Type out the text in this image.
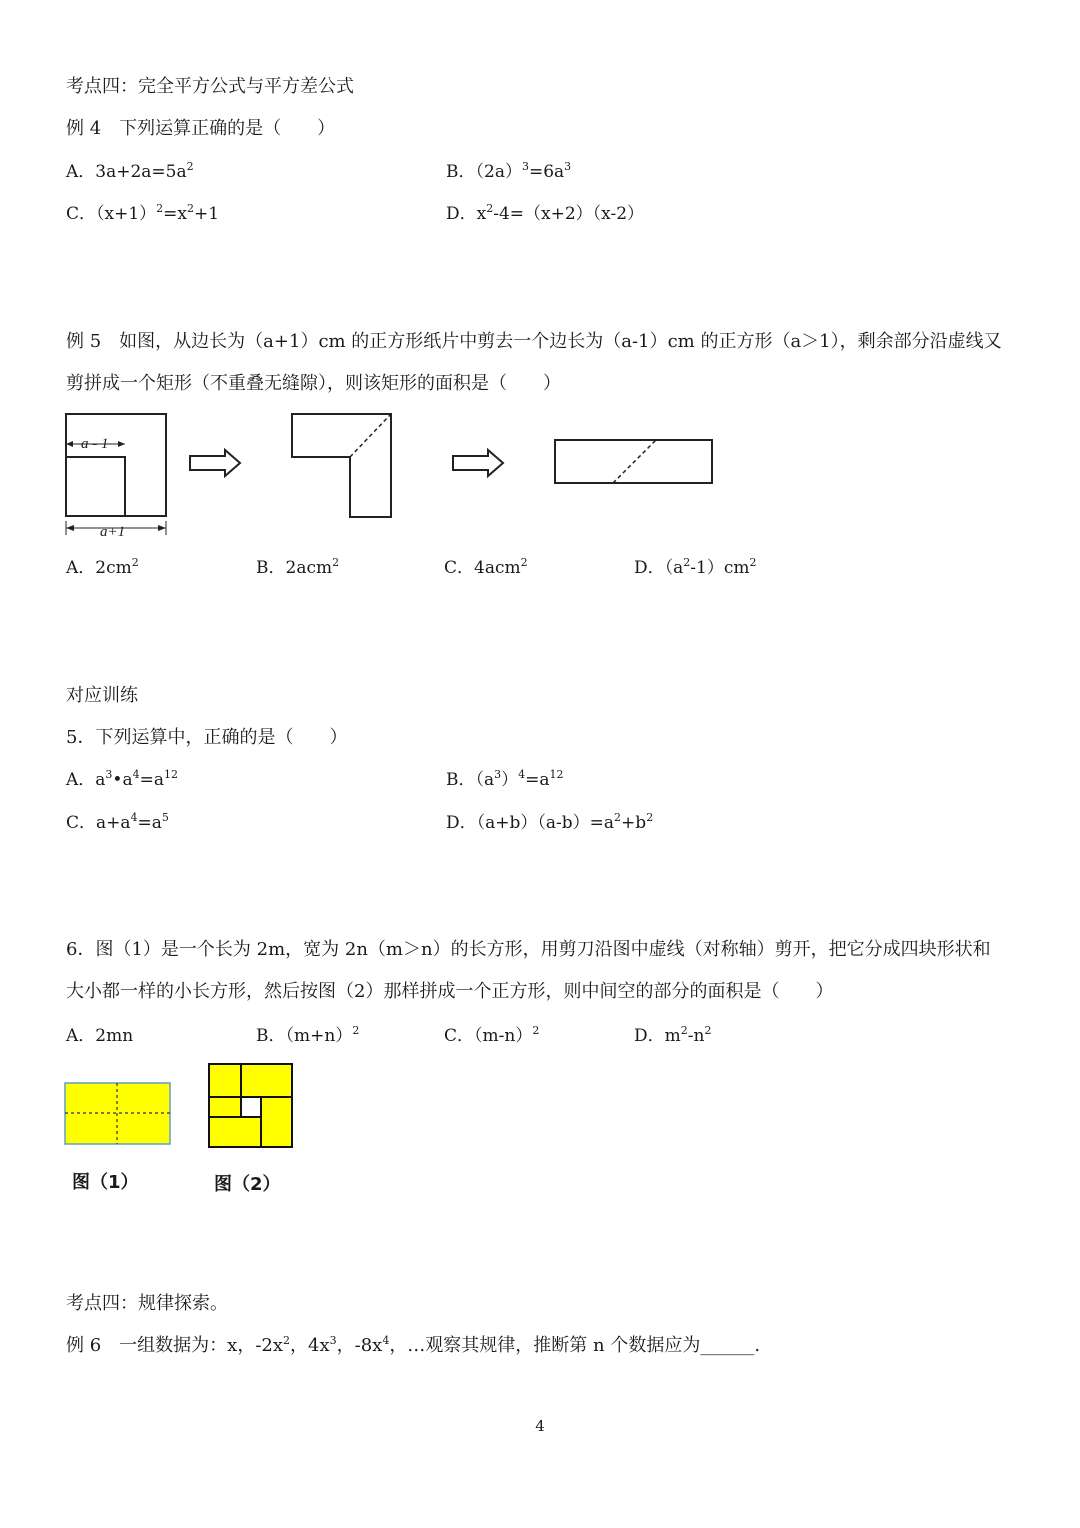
考点四：完全平方公式与平方差公式
例 4　下列运算正确的是（　　）
A．$3a+2a=5a^2$	B．$(2a)^3=6a^3$
C．$(x+1)^2=x^2+1$	D．$x^2-4=(x+2)(x-2)$
例 5　如图，从边长为（a+1）cm 的正方形纸片中剪去一个边长为（a-1）cm 的正方形（a＞1），剩余部分沿虚线又
剪拼成一个矩形（不重叠无缝隙），则该矩形的面积是（　　）
a - 1
a+1
A．$2cm^2$	B．2acm$^2$	C．4acm$^2$	D．$(a^2-1)cm^2$
对应训练
5．下列运算中，正确的是（　　）
A．$a^3•a^4=a^{12}$	B．$(a^3)^4=a^{12}$
C．$a+a^4=a^5$	D．$(a+b)(a-b)=a^2+b^2$
6．图（1）是一个长为 2m，宽为 2n（m＞n）的长方形，用剪刀沿图中虚线（对称轴）剪开，把它分成四块形状和
大小都一样的小长方形，然后按图（2）那样拼成一个正方形，则中间空的部分的面积是（　　）
A．2mn	B．$(m+n)^2$	C．$(m-n)^2$	D．$m^2-n^2$
图（1）	图（2）
考点四：规律探索。
例 6　一组数据为：x，$-2x^2$，$4x^3$，$-8x^4$，…观察其规律，推断第 n 个数据应为______.
4
